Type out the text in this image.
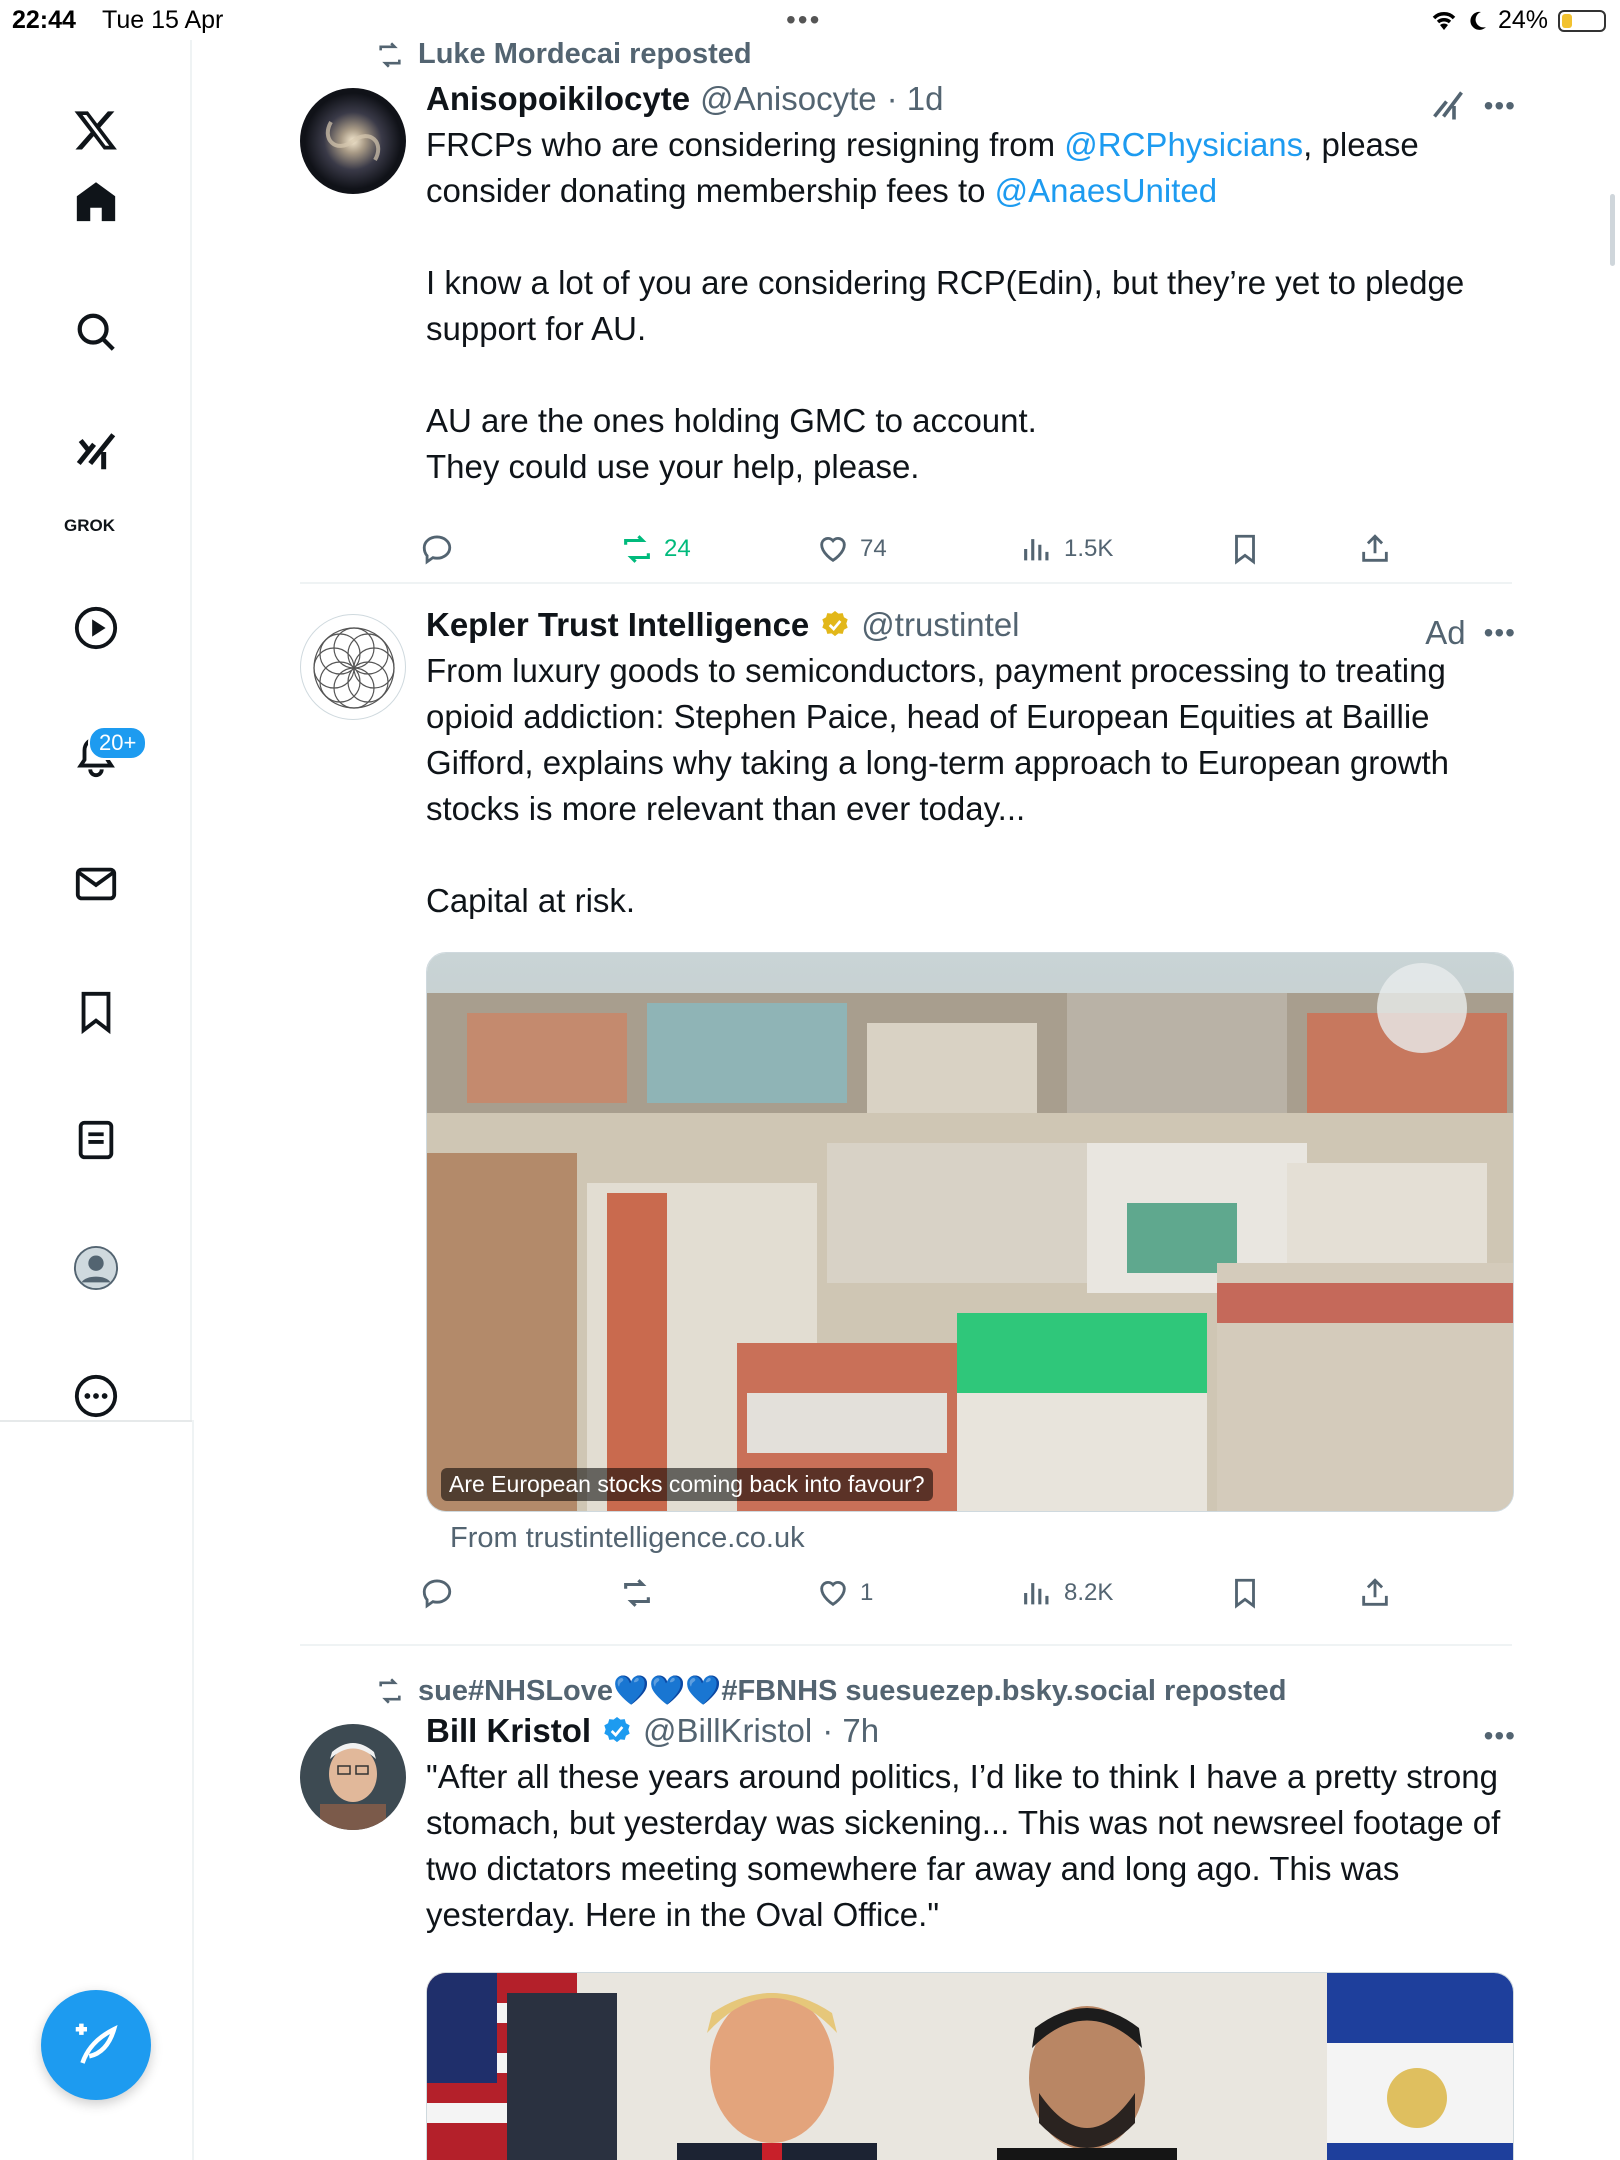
22:44 Tue 15 Apr	•••	24%
GROK
20+
Luke Mordecai reposted
Anisopoikilocyte @Anisocyte · 1d	•••

FRCPs who are considering resigning from @RCPhysicians, please

consider donating membership fees to @AnaesUnited

I know a lot of you are considering RCP(Edin), but they’re yet to pledge support for AU.

AU are the ones holding GMC to account.

They could use your help, please.

24	74	1.5K
Kepler Trust Intelligence @trustintel	Ad •••

From luxury goods to semiconductors, payment processing to treating opioid addiction: Stephen Paice, head of European Equities at Baillie Gifford, explains why taking a long-term approach to European growth stocks is more relevant than ever today...

Capital at risk.

Are European stocks coming back into favour?
From trustintelligence.co.uk
1	8.2K
sue#NHSLove💙💙💙#FBNHS suesuezep.bsky.social reposted
Bill Kristol @BillKristol · 7h	•••

"After all these years around politics, I’d like to think I have a pretty strong stomach, but yesterday was sickening... This was not newsreel footage of two dictators meeting somewhere far away and long ago. This was yesterday. Here in the Oval Office."
